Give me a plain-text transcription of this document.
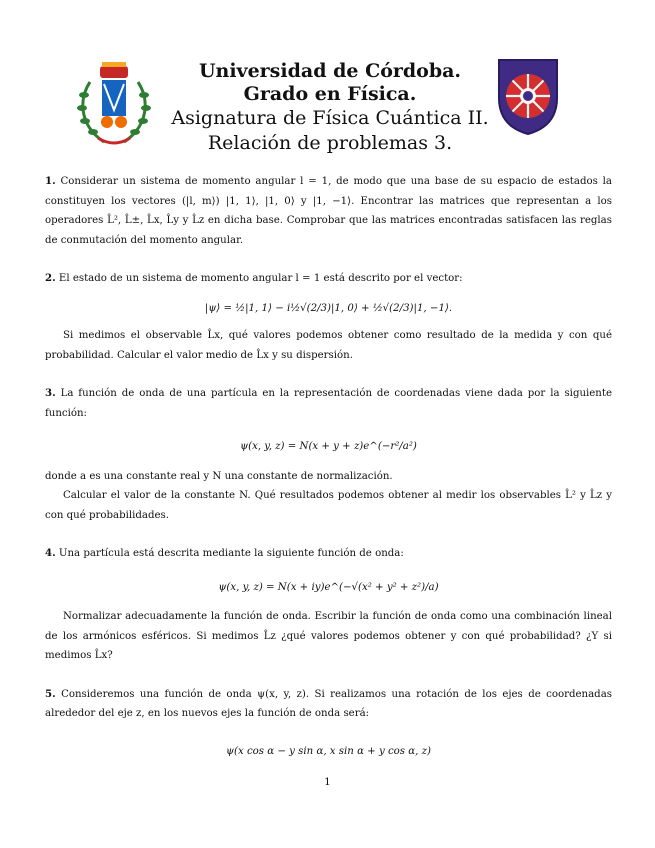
Universidad de Córdoba.
Grado en Física.
Asignatura de Física Cuántica II.
Relación de problemas 3.

1. Considerar un sistema de momento angular l = 1, de modo que una base de su espacio de estados la constituyen los vectores (|l, m⟩) |1, 1⟩, |1, 0⟩ y |1, −1⟩. Encontrar las matrices que representan a los operadores L̂², L̂±, L̂x, L̂y y L̂z en dicha base. Comprobar que las matrices encontradas satisfacen las reglas de conmutación del momento angular.

2. El estado de un sistema de momento angular l = 1 está descrito por el vector:

|ψ⟩ = ½|1, 1⟩ − i½√(2/3)|1, 0⟩ + ½√(2/3)|1, −1⟩.

Si medimos el observable L̂x, qué valores podemos obtener como resultado de la medida y con qué probabilidad. Calcular el valor medio de L̂x y su dispersión.

3. La función de onda de una partícula en la representación de coordenadas viene dada por la siguiente función:

ψ(x, y, z) = N(x + y + z)e^(−r²/a²)

donde a es una constante real y N una constante de normalización.

Calcular el valor de la constante N. Qué resultados podemos obtener al medir los observables L̂² y L̂z y con qué probabilidades.

4. Una partícula está descrita mediante la siguiente función de onda:

ψ(x, y, z) = N(x + iy)e^(−√(x² + y² + z²)/a)

Normalizar adecuadamente la función de onda. Escribir la función de onda como una combinación lineal de los armónicos esféricos. Si medimos L̂z ¿qué valores podemos obtener y con qué probabilidad? ¿Y si medimos L̂x?

5. Consideremos una función de onda ψ(x, y, z). Si realizamos una rotación de los ejes de coordenadas alrededor del eje z, en los nuevos ejes la función de onda será:

ψ(x cos α − y sin α, x sin α + y cos α, z)
1
